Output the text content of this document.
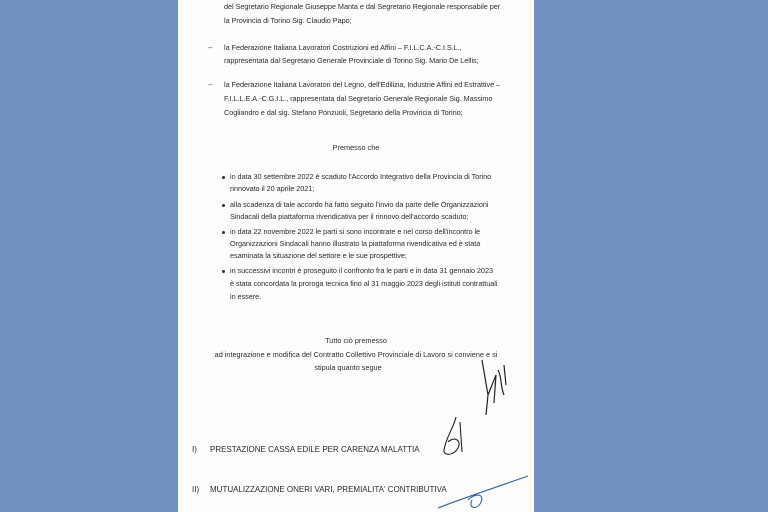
del Segretario Regionale Giuseppe Manta e dal Segretario Regionale responsabile per
la Provincia di Torino Sig. Claudio Papo;
– la Federazione Italiana Lavoratori Costruzioni ed Affini – F.I.L.C.A.-C.I.S.L.,
rappresentata dal Segretario Generale Provinciale di Torino Sig. Mario De Lellis;
– la Federazione Italiana Lavoratori del Legno, dell'Edilizia, Industrie Affini ed Estrattive –
F.I.L.L.E.A.-C.G.I.L., rappresentata dal Segretario Generale Regionale Sig. Massimo
Cogliandro e dal sig. Stefano Ponzuoli, Segretario della Provincia di Torino;
Premesso che
in data 30 settembre 2022 è scaduto l'Accordo Integrativo della Provincia di Torino
rinnovato il 20 aprile 2021;
alla scadenza di tale accordo ha fatto seguito l'invio da parte delle Organizzazioni
Sindacali della piattaforma rivendicativa per il rinnovo dell'accordo scaduto;
in data 22 novembre 2022 le parti si sono incontrate e nel corso dell'incontro le
Organizzazioni Sindacali hanno illustrato la piattaforma rivendicativa ed è stata
esaminata la situazione del settore e le sue prospettive;
in successivi incontri è proseguito il confronto fra le parti e in data 31 gennaio 2023
è stata concordata la proroga tecnica fino al 31 maggio 2023 degli istituti contrattuali
in essere.
Tutto ciò premesso
ad integrazione e modifica del Contratto Collettivo Provinciale di Lavoro si conviene e si
stipula quanto segue
I) PRESTAZIONE CASSA EDILE PER CARENZA MALATTIA
II) MUTUALIZZAZIONE ONERI VARI, PREMIALITA' CONTRIBUTIVA
